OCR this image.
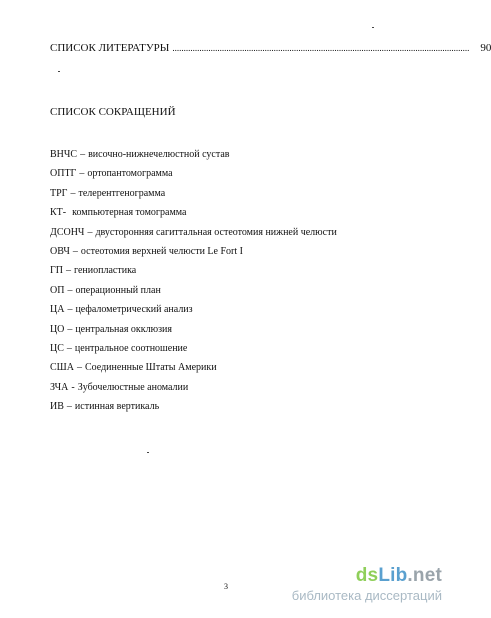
СПИСОК ЛИТЕРАТУРЫ .................................................................................................................................... 90
СПИСОК СОКРАЩЕНИЙ
ВНЧС – височно-нижнечелюстной сустав
ОПТГ – ортопантомограмма
ТРГ – телерентгенограмма
КТ- компьютерная томограмма
ДСОНЧ – двусторонняя сагиттальная остеотомия нижней челюсти
ОВЧ – остеотомия верхней челюсти Le Fort I
ГП – гениопластика
ОП – операционный план
ЦА – цефалометрический анализ
ЦО – центральная окклюзия
ЦС – центральное соотношение
США – Соединенные Штаты Америки
ЗЧА - Зубочелюстные аномалии
ИВ – истинная вертикаль
3
dsLib.net
библиотека диссертаций
